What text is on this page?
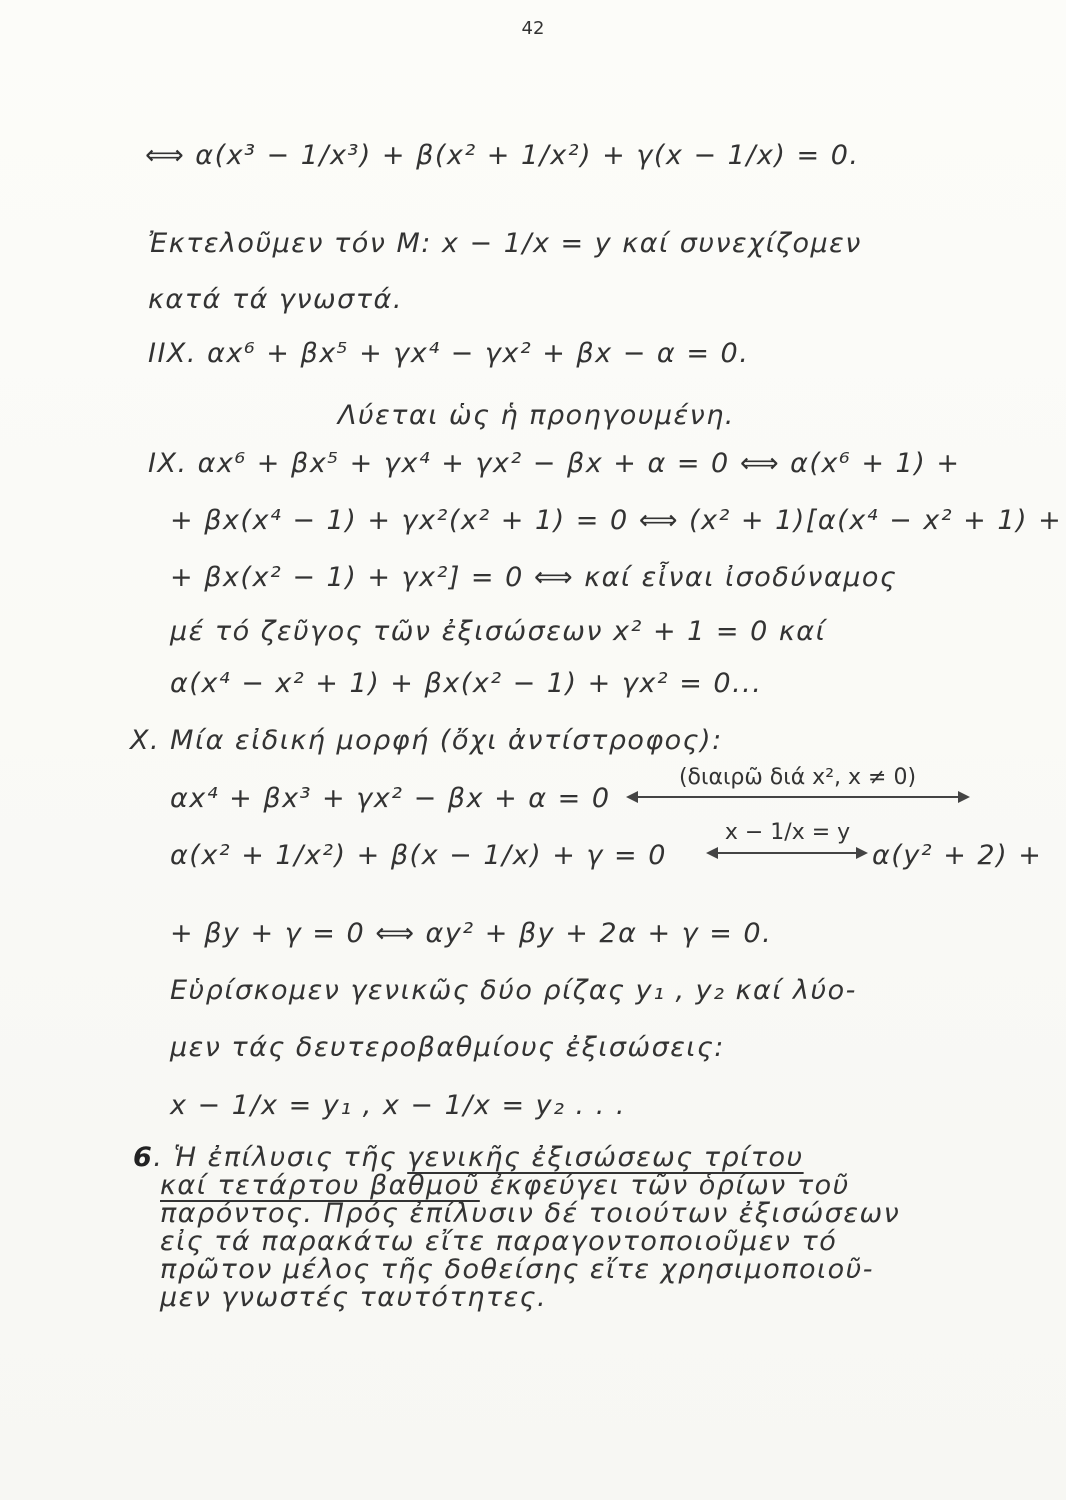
42
⟺ α(x³ − 1/x³) + β(x² + 1/x²) + γ(x − 1/x) = 0.
Ἐκτελοῦμεν τόν Μ: x − 1/x = y καί συνεχίζομεν
κατά τά γνωστά.
ΙΙΧ. αx⁶ + βx⁵ + γx⁴ − γx² + βx − α = 0.
Λύεται ὡς ἡ προηγουμένη.
ΙΧ. αx⁶ + βx⁵ + γx⁴ + γx² − βx + α = 0 ⟺ α(x⁶ + 1) +
+ βx(x⁴ − 1) + γx²(x² + 1) = 0 ⟺ (x² + 1)[α(x⁴ − x² + 1) +
+ βx(x² − 1) + γx²] = 0 ⟺ καί εἶναι ἰσοδύναμος
μέ τό ζεῦγος τῶν ἐξισώσεων x² + 1 = 0 καί
α(x⁴ − x² + 1) + βx(x² − 1) + γx² = 0...
Χ. Μία εἰδική μορφή (ὄχι ἀντίστροφος):
αx⁴ + βx³ + γx² − βx + α = 0
(διαιρῶ διά x², x ≠ 0)
α(x² + 1/x²) + β(x − 1/x) + γ = 0
x − 1/x = y
α(y² + 2) +
+ βy + γ = 0 ⟺ αy² + βy + 2α + γ = 0.
Εὑρίσκομεν γενικῶς δύο ρίζας y₁ , y₂ καί λύο-
μεν τάς δευτεροβαθμίους ἐξισώσεις:
x − 1/x = y₁ , x − 1/x = y₂ . . .
6. Ἡ ἐπίλυσις τῆς γενικῆς ἐξισώσεως τρίτου
καί τετάρτου βαθμοῦ ἐκφεύγει τῶν ὁρίων τοῦ
παρόντος. Πρός ἐπίλυσιν δέ τοιούτων ἐξισώσεων
εἰς τά παρακάτω εἴτε παραγοντοποιοῦμεν τό
πρῶτον μέλος τῆς δοθείσης εἴτε χρησιμοποιοῦ-
μεν γνωστές ταυτότητες.
